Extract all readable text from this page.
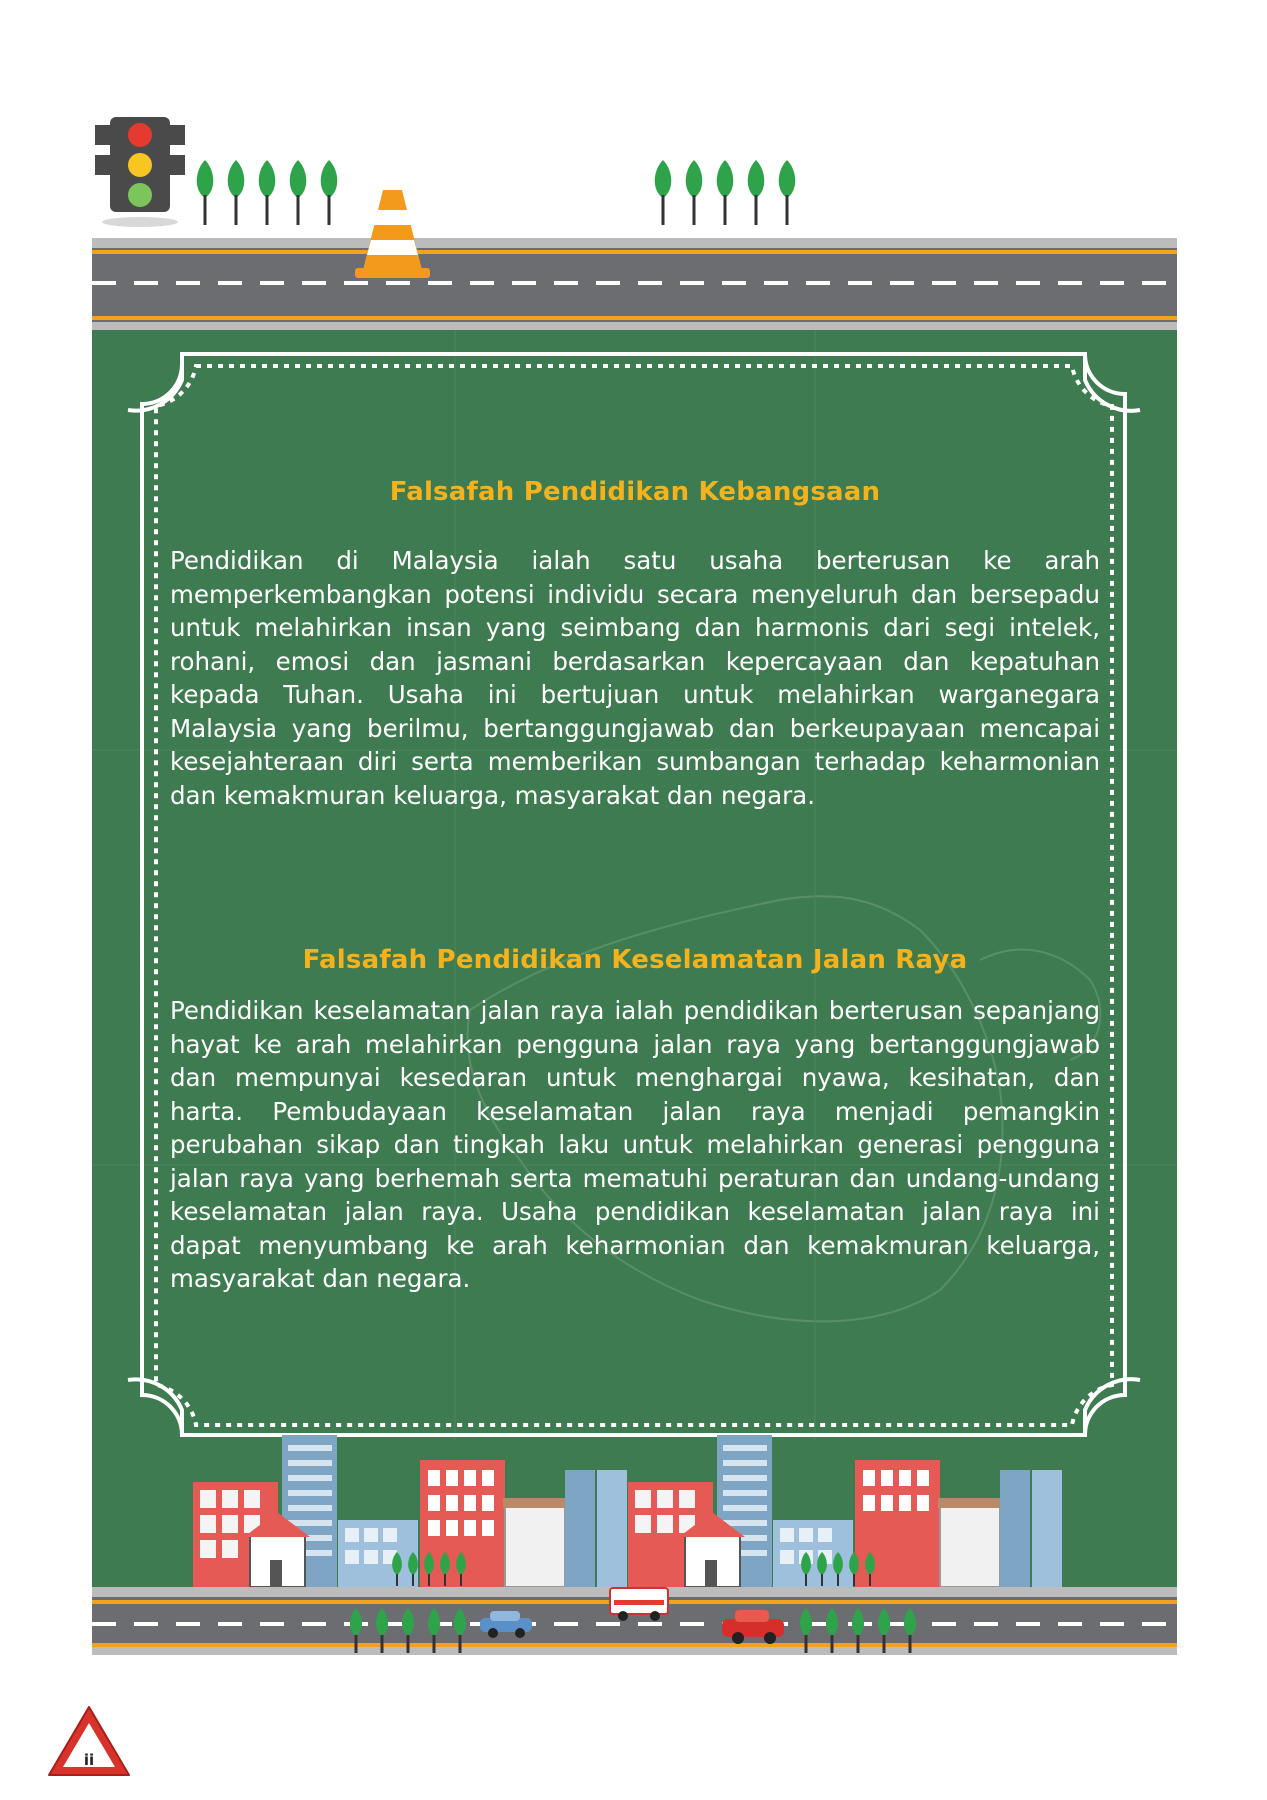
Falsafah Pendidikan Kebangsaan
Pendidikan di Malaysia ialah satu usaha berterusan ke arah memperkembangkan potensi individu secara menyeluruh dan bersepadu untuk melahirkan insan yang seimbang dan harmonis dari segi intelek, rohani, emosi dan jasmani berdasarkan kepercayaan dan kepatuhan kepada Tuhan. Usaha ini bertujuan untuk melahirkan warganegara Malaysia yang berilmu, bertanggungjawab dan berkeupayaan mencapai kesejahteraan diri serta memberikan sumbangan terhadap keharmonian dan kemakmuran keluarga, masyarakat dan negara.
Falsafah Pendidikan Keselamatan Jalan Raya
Pendidikan keselamatan jalan raya ialah pendidikan berterusan sepanjang hayat ke arah melahirkan pengguna jalan raya yang bertanggungjawab dan mempunyai kesedaran untuk menghargai nyawa, kesihatan, dan harta. Pembudayaan keselamatan jalan raya menjadi pemangkin perubahan sikap dan tingkah laku untuk melahirkan generasi pengguna jalan raya yang berhemah serta mematuhi peraturan dan undang-undang keselamatan jalan raya. Usaha pendidikan keselamatan jalan raya ini dapat menyumbang ke arah keharmonian dan kemakmuran keluarga, masyarakat dan negara.
ii
